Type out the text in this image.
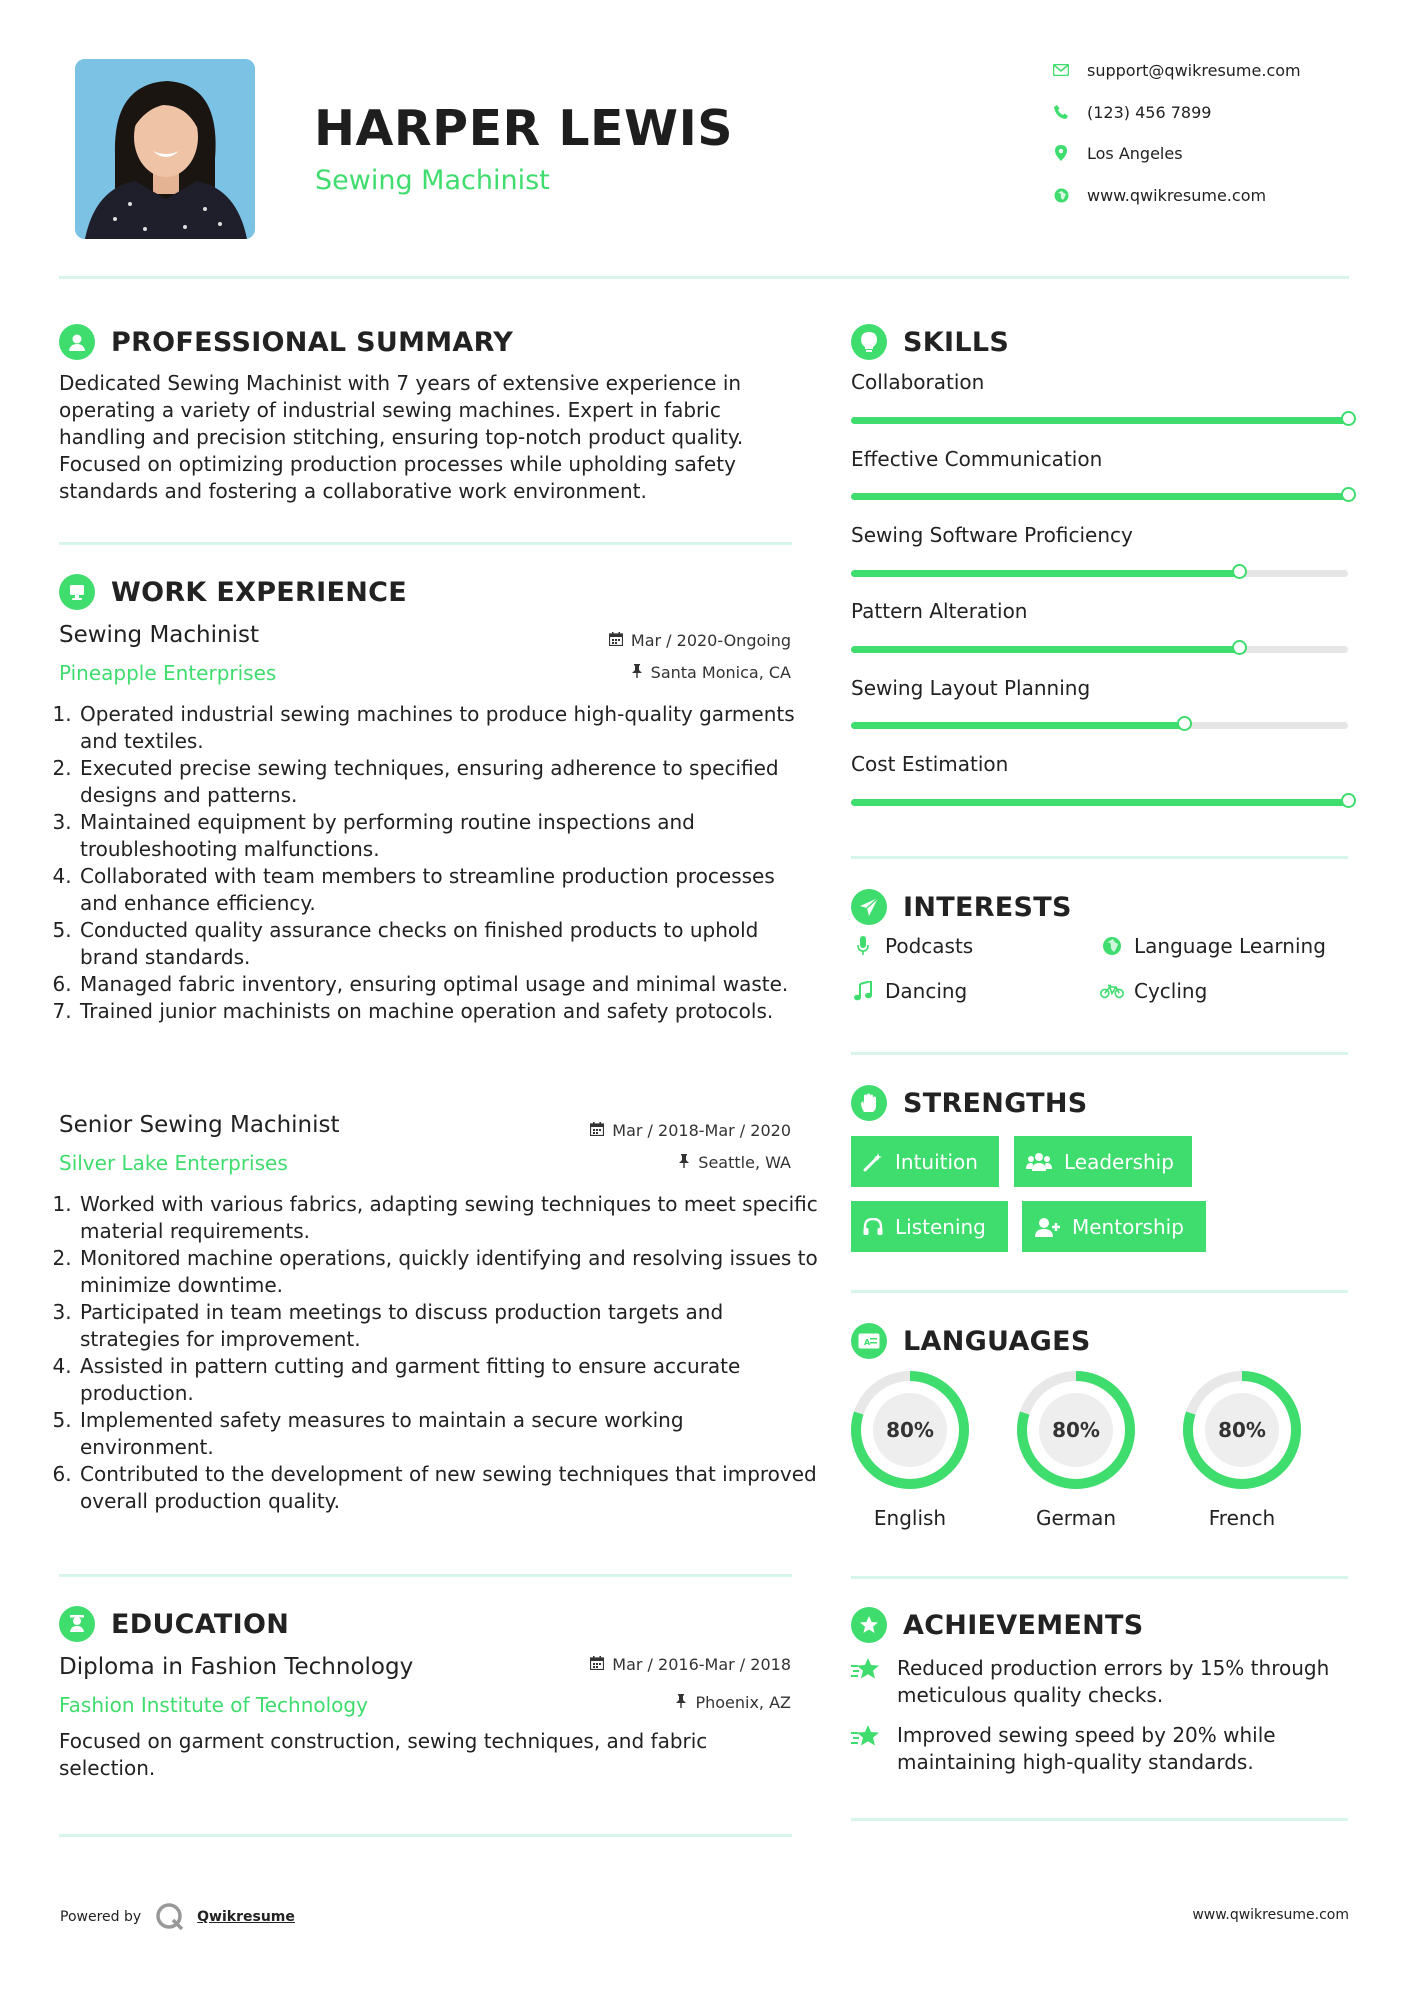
HARPER LEWIS
Sewing Machinist
support@qwikresume.com
(123) 456 7899
Los Angeles
www.qwikresume.com
PROFESSIONAL SUMMARY
Dedicated Sewing Machinist with 7 years of extensive experience in operating a variety of industrial sewing machines. Expert in fabric handling and precision stitching, ensuring top-notch product quality. Focused on optimizing production processes while upholding safety standards and fostering a collaborative work environment.
WORK EXPERIENCE
Sewing Machinist
Pineapple Enterprises
Mar / 2020-Ongoing
Santa Monica, CA
1. Operated industrial sewing machines to produce high-quality garments and textiles.
2. Executed precise sewing techniques, ensuring adherence to specified designs and patterns.
3. Maintained equipment by performing routine inspections and troubleshooting malfunctions.
4. Collaborated with team members to streamline production processes and enhance efficiency.
5. Conducted quality assurance checks on finished products to uphold brand standards.
6. Managed fabric inventory, ensuring optimal usage and minimal waste.
7. Trained junior machinists on machine operation and safety protocols.
Senior Sewing Machinist
Silver Lake Enterprises
Mar / 2018-Mar / 2020
Seattle, WA
1. Worked with various fabrics, adapting sewing techniques to meet specific material requirements.
2. Monitored machine operations, quickly identifying and resolving issues to minimize downtime.
3. Participated in team meetings to discuss production targets and strategies for improvement.
4. Assisted in pattern cutting and garment fitting to ensure accurate production.
5. Implemented safety measures to maintain a secure working environment.
6. Contributed to the development of new sewing techniques that improved overall production quality.
EDUCATION
Diploma in Fashion Technology
Fashion Institute of Technology
Mar / 2016-Mar / 2018
Phoenix, AZ
Focused on garment construction, sewing techniques, and fabric selection.
SKILLS
Collaboration
Effective Communication
Sewing Software Proficiency
Pattern Alteration
Sewing Layout Planning
Cost Estimation
INTERESTS
Podcasts	Language Learning
Dancing	Cycling
STRENGTHS
Intuition	Leadership
Listening	Mentorship
A LANGUAGES
80%
English
80%
German
80%
French
ACHIEVEMENTS
Reduced production errors by 15% through meticulous quality checks.
Improved sewing speed by 20% while maintaining high-quality standards.
Powered by	Qwikresume	www.qwikresume.com
